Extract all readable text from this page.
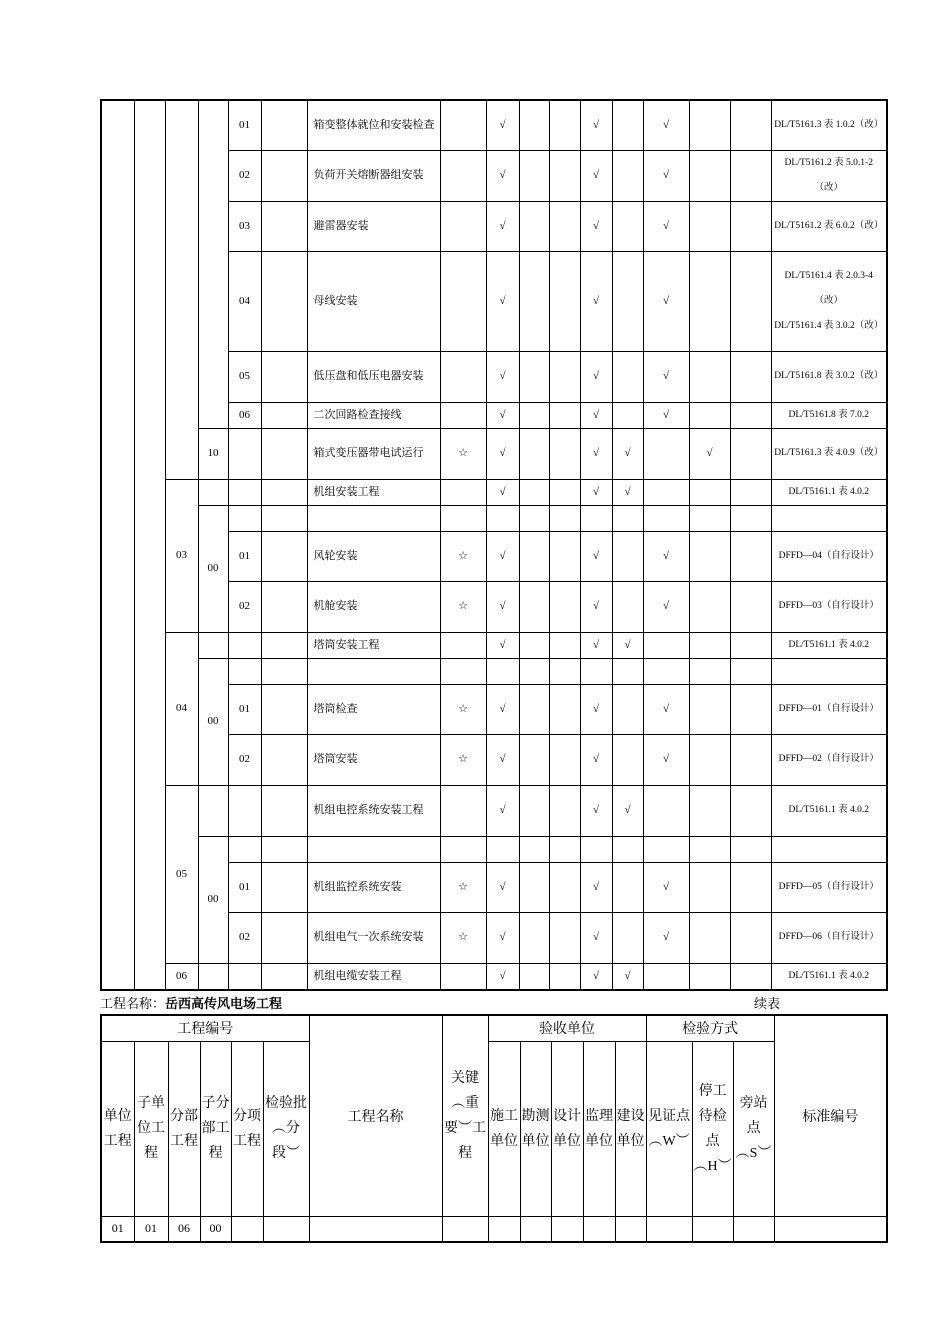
				01		箱变整体就位和安装检查		√			√		√			DL/T5161.3 表 1.0.2（改）

				02		负荷开关熔断器组安装		√			√		√			DL/T5161.2 表 5.0.1-2（改）

				03		避雷器安装		√			√		√			DL/T5161.2 表 6.0.2（改）

				04		母线安装		√			√		√			DL/T5161.4 表 2.0.3-4（改）
DL/T5161.4 表 3.0.2（改）

				05		低压盘和低压电器安装		√			√		√			DL/T5161.8 表 3.0.2（改）

				06		二次回路检查接线		√			√		√			DL/T5161.8 表 7.0.2

			10			箱式变压器带电试运行	☆	√			√	√		√		DL/T5161.3 表 4.0.9（改）

		03				机组安装工程		√			√	√				DL/T5161.1 表 4.0.2

			00													

				01		风轮安装	☆	√			√		√			DFFD—04（自行设计）

				02		机舱安装	☆	√			√		√			DFFD—03（自行设计）

		04				塔筒安装工程		√			√	√				DL/T5161.1 表 4.0.2

			00													

				01		塔筒检查	☆	√			√		√			DFFD—01（自行设计）

				02		塔筒安装	☆	√			√		√			DFFD—02（自行设计）

		05				机组电控系统安装工程		√			√	√				DL/T5161.1 表 4.0.2

			00													

				01		机组监控系统安装	☆	√			√		√			DFFD—05（自行设计）

				02		机组电气一次系统安装	☆	√			√		√			DFFD—06（自行设计）

		06				机组电缆安装工程		√			√	√				DL/T5161.1 表 4.0.2
工程名称：岳西高传风电场工程	续表
工程编号						工程名称	关键︵重要︶工程	验收单位					检验方式			标准编号
单位工程	子单位工程	分部工程	子分部工程	分项工程	检验批︵分段︶			施工单位	勘测单位	设计单位	监理单位	建设单位	见证点︵W︶	停工待检点︵H︶	旁站点︵S︶	
01	01	06	00													
